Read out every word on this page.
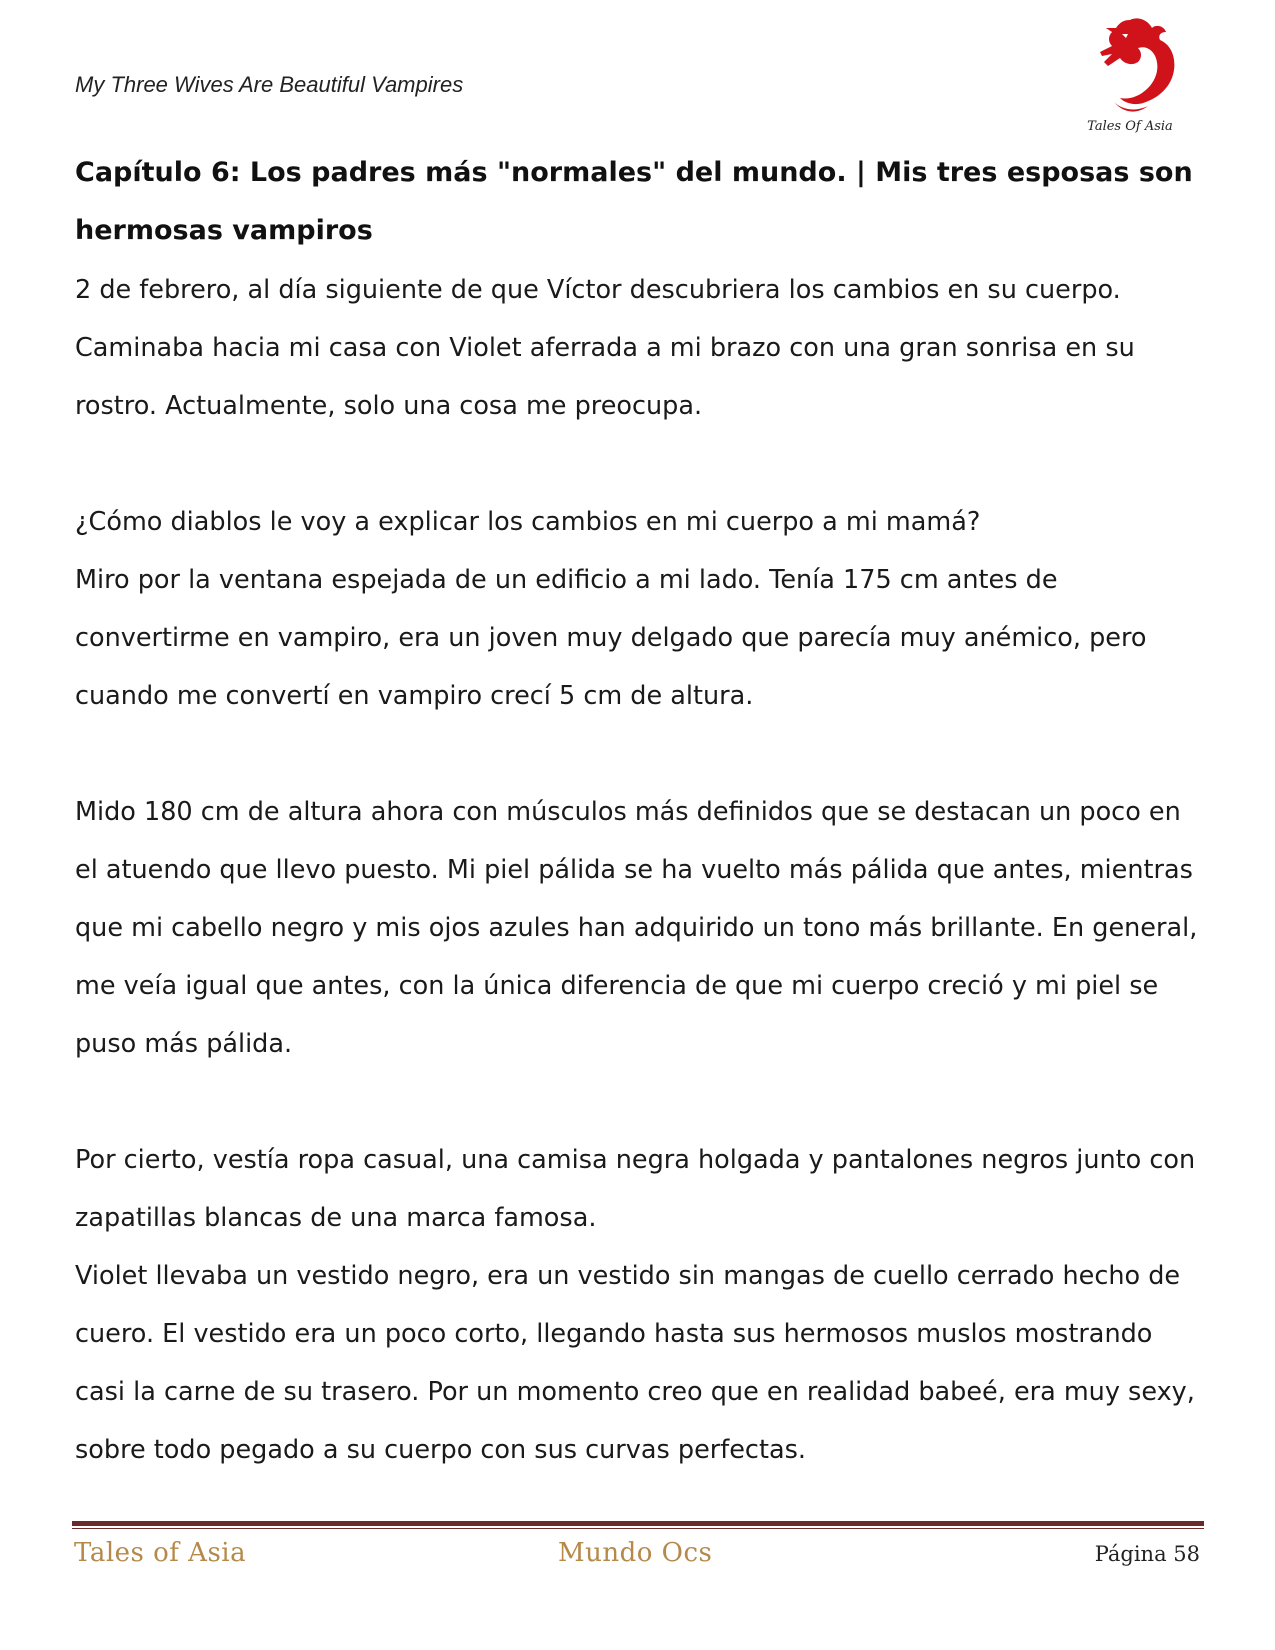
My Three Wives Are Beautiful Vampires
Tales Of Asia
Capítulo 6: Los padres más "normales" del mundo. | Mis tres esposas son hermosas vampiros

2 de febrero, al día siguiente de que Víctor descubriera los cambios en su cuerpo.

Caminaba hacia mi casa con Violet aferrada a mi brazo con una gran sonrisa en su rostro. Actualmente, solo una cosa me preocupa.

¿Cómo diablos le voy a explicar los cambios en mi cuerpo a mi mamá?

Miro por la ventana espejada de un edificio a mi lado. Tenía 175 cm antes de convertirme en vampiro, era un joven muy delgado que parecía muy anémico, pero cuando me convertí en vampiro crecí 5 cm de altura.

Mido 180 cm de altura ahora con músculos más definidos que se destacan un poco en el atuendo que llevo puesto. Mi piel pálida se ha vuelto más pálida que antes, mientras que mi cabello negro y mis ojos azules han adquirido un tono más brillante. En general, me veía igual que antes, con la única diferencia de que mi cuerpo creció y mi piel se puso más pálida.

Por cierto, vestía ropa casual, una camisa negra holgada y pantalones negros junto con zapatillas blancas de una marca famosa.

Violet llevaba un vestido negro, era un vestido sin mangas de cuello cerrado hecho de cuero. El vestido era un poco corto, llegando hasta sus hermosos muslos mostrando casi la carne de su trasero. Por un momento creo que en realidad babeé, era muy sexy, sobre todo pegado a su cuerpo con sus curvas perfectas.

Tales of Asia	Mundo Ocs	Página 58
